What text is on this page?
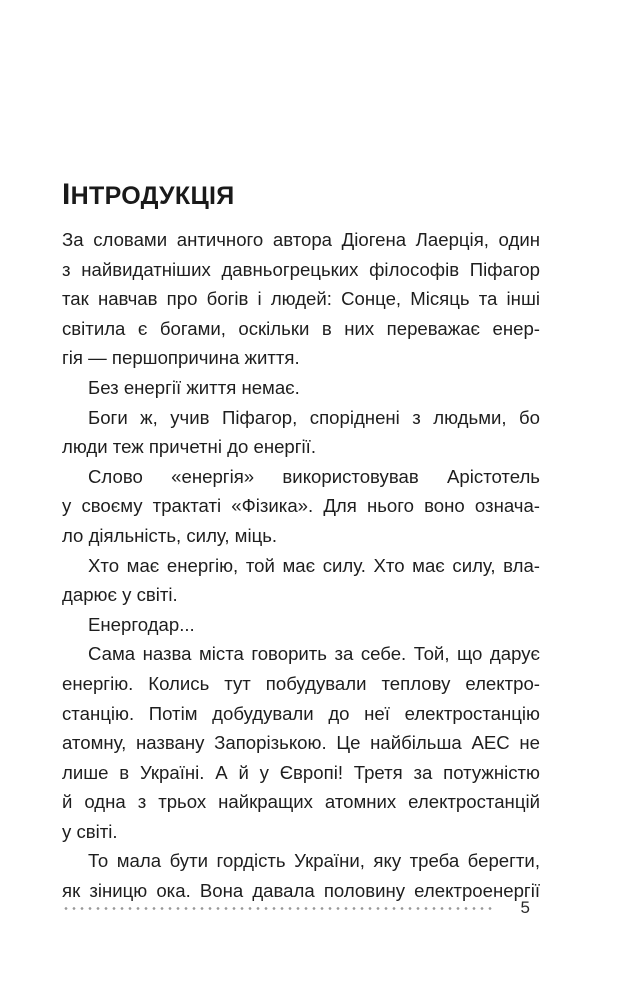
ІНТРОДУКЦІЯ
За словами античного автора Діогена Лаерція, один
з найвидатніших давньогрецьких філософів Піфагор
так навчав про богів і людей: Сонце, Місяць та інші
світила є богами, оскільки в них переважає енер-
гія — першопричина життя.
Без енергії життя немає.
Боги ж, учив Піфагор, споріднені з людьми, бо
люди теж причетні до енергії.
Слово «енергія» використовував Арістотель
у своєму трактаті «Фізика». Для нього воно означа-
ло діяльність, силу, міць.
Хто має енергію, той має силу. Хто має силу, вла-
дарює у світі.
Енергодар...
Сама назва міста говорить за себе. Той, що дарує
енергію. Колись тут побудували теплову електро-
станцію. Потім добудували до неї електростанцію
атомну, названу Запорізькою. Це найбільша АЕС не
лише в Україні. А й у Європі! Третя за потужністю
й одна з трьох найкращих атомних електростанцій
у світі.
То мала бути гордість України, яку треба берегти,
як зіницю ока. Вона давала половину електроенергії
5
